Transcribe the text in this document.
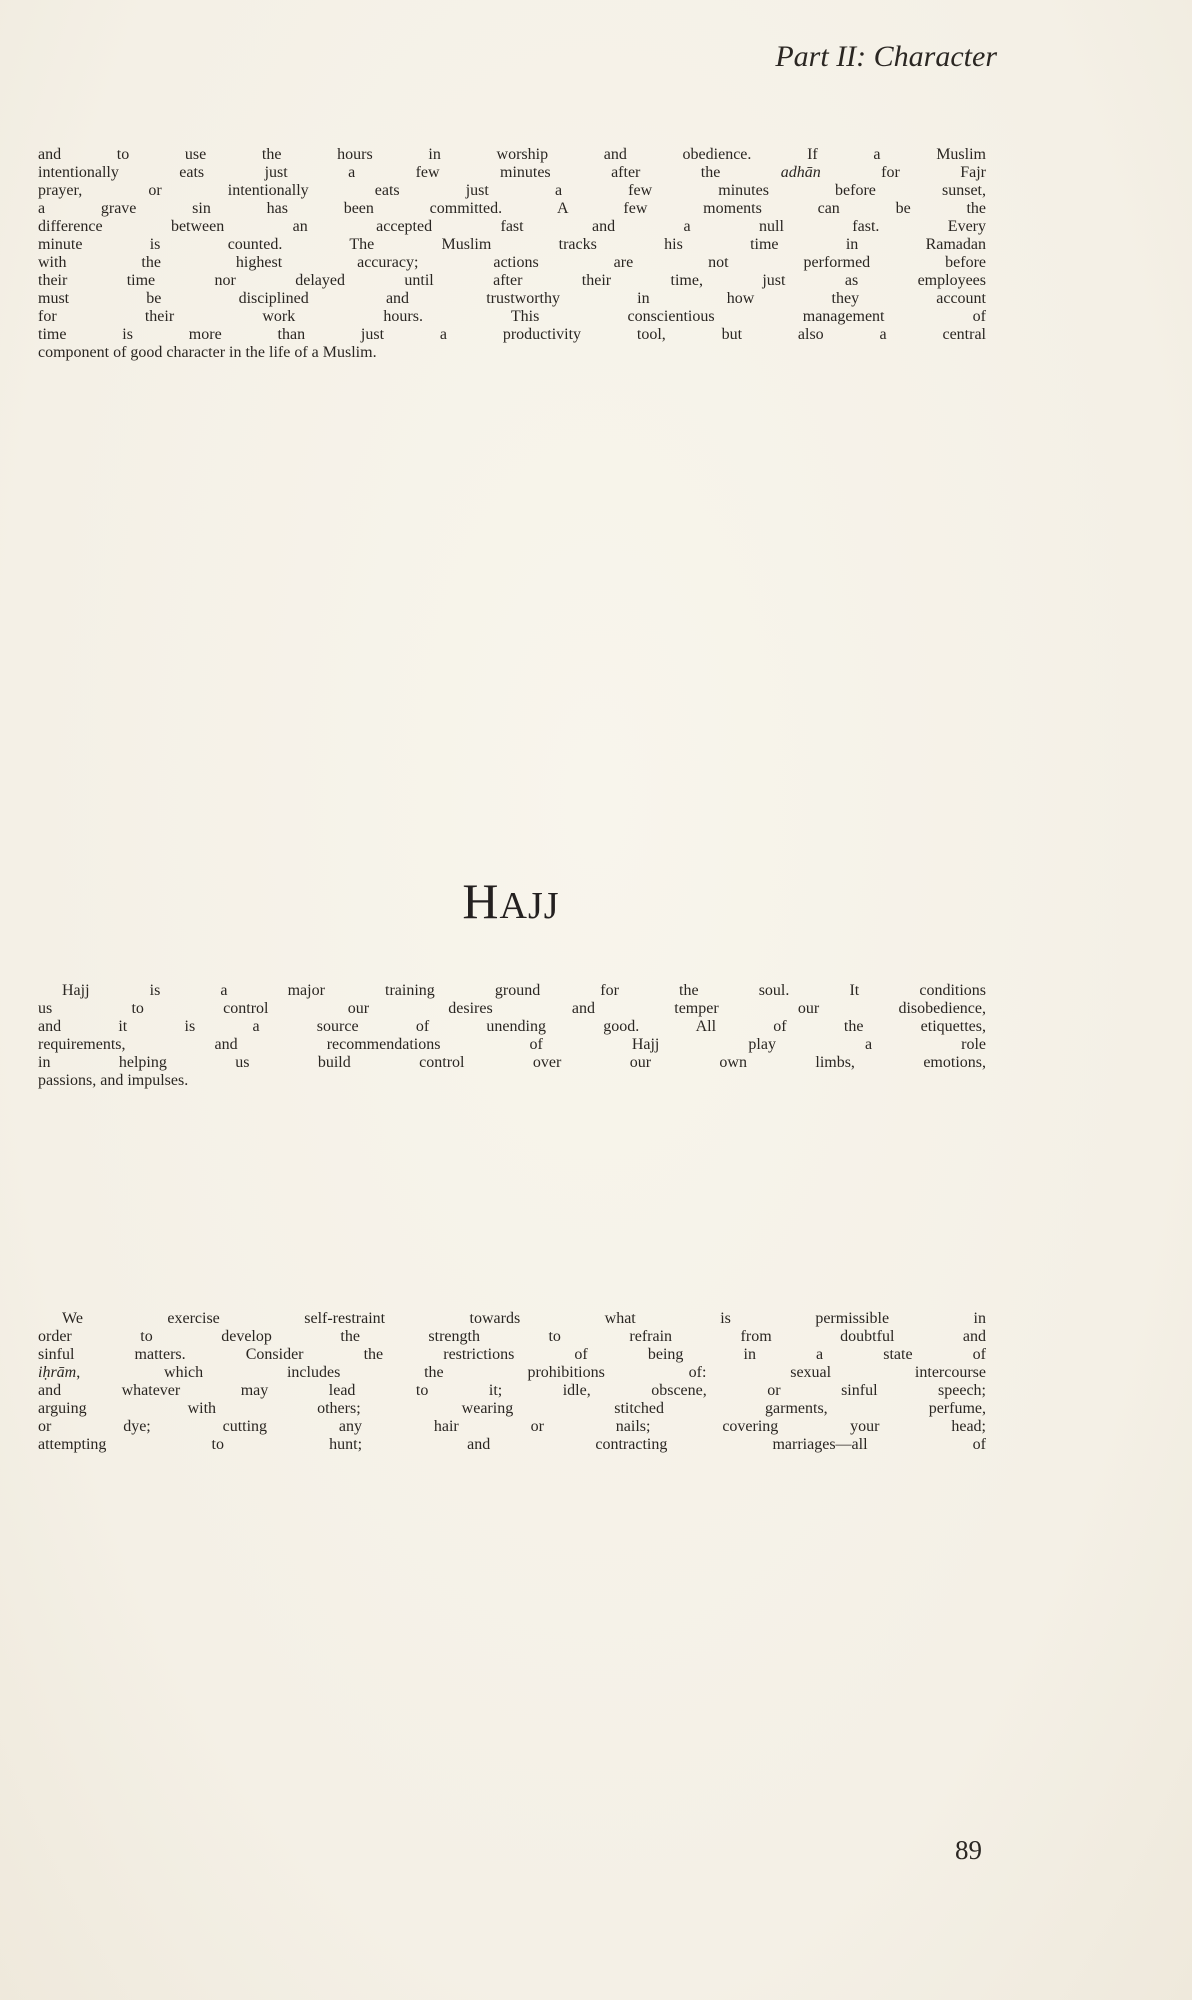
Part II: Character
and to use the hours in worship and obedience. If a Muslim
intentionally eats just a few minutes after the adhān for Fajr
prayer, or intentionally eats just a few minutes before sunset,
a grave sin has been committed. A few moments can be the
difference between an accepted fast and a null fast. Every
minute is counted. The Muslim tracks his time in Ramadan
with the highest accuracy; actions are not performed before
their time nor delayed until after their time, just as employees
must be disciplined and trustworthy in how they account
for their work hours. This conscientious management of
time is more than just a productivity tool, but also a central
component of good character in the life of a Muslim.
HAJJ
Hajj is a major training ground for the soul. It conditions
us to control our desires and temper our disobedience,
and it is a source of unending good. All of the etiquettes,
requirements, and recommendations of Hajj play a role
in helping us build control over our own limbs, emotions,
passions, and impulses.
We exercise self-restraint towards what is permissible in
order to develop the strength to refrain from doubtful and
sinful matters. Consider the restrictions of being in a state of
iḥrām, which includes the prohibitions of: sexual intercourse
and whatever may lead to it; idle, obscene, or sinful speech;
arguing with others; wearing stitched garments, perfume,
or dye; cutting any hair or nails; covering your head;
attempting to hunt; and contracting marriages—all of
89
